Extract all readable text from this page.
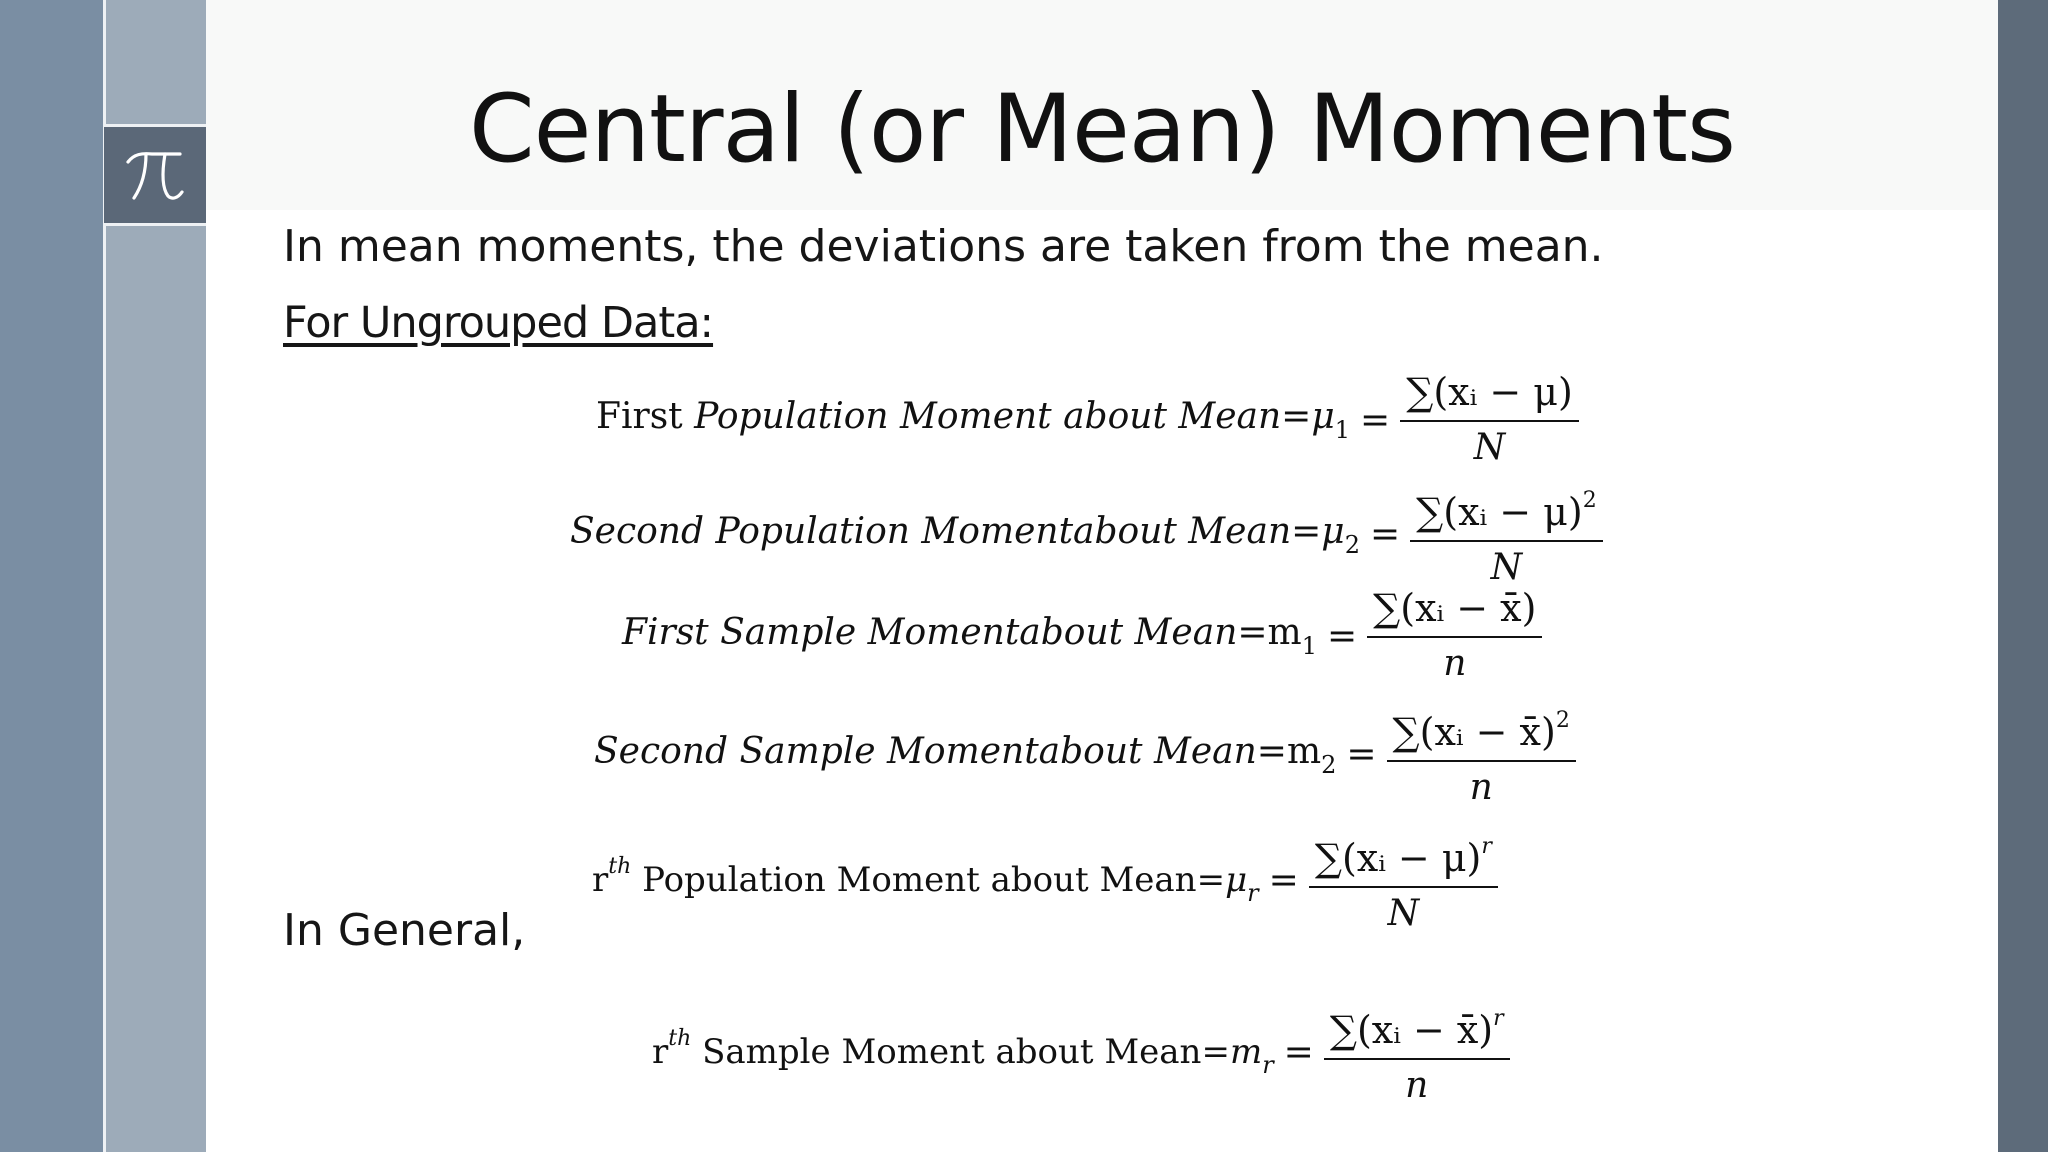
Central (or Mean) Moments
In mean moments, the deviations are taken from the mean.
For Ungrouped Data:
First Population Moment about $Mean=\mu_1 = \frac{\text{∑(xᵢ − μ)}}{N}$
Second Population Momentabout $Mean=\mu_2 = \frac{\sum(xᵢ - \mu)^2}{N}$
First Sample Momentabout $Mean=m_1 = \frac{\text{∑(xᵢ − x̄)}}{n}$
Second Sample Momentabout $Mean=m_2 = \frac{\sum(xᵢ - x̄)^2}{n}$
$r^{th}$ Population Moment about $Mean=\mu_r = \frac{\sum(xᵢ - \mu)^r}{N}$
In General,
$r^{th}$ Sample Moment about $Mean=m_r = \frac{\sum(xᵢ - x̄)^r}{n}$
